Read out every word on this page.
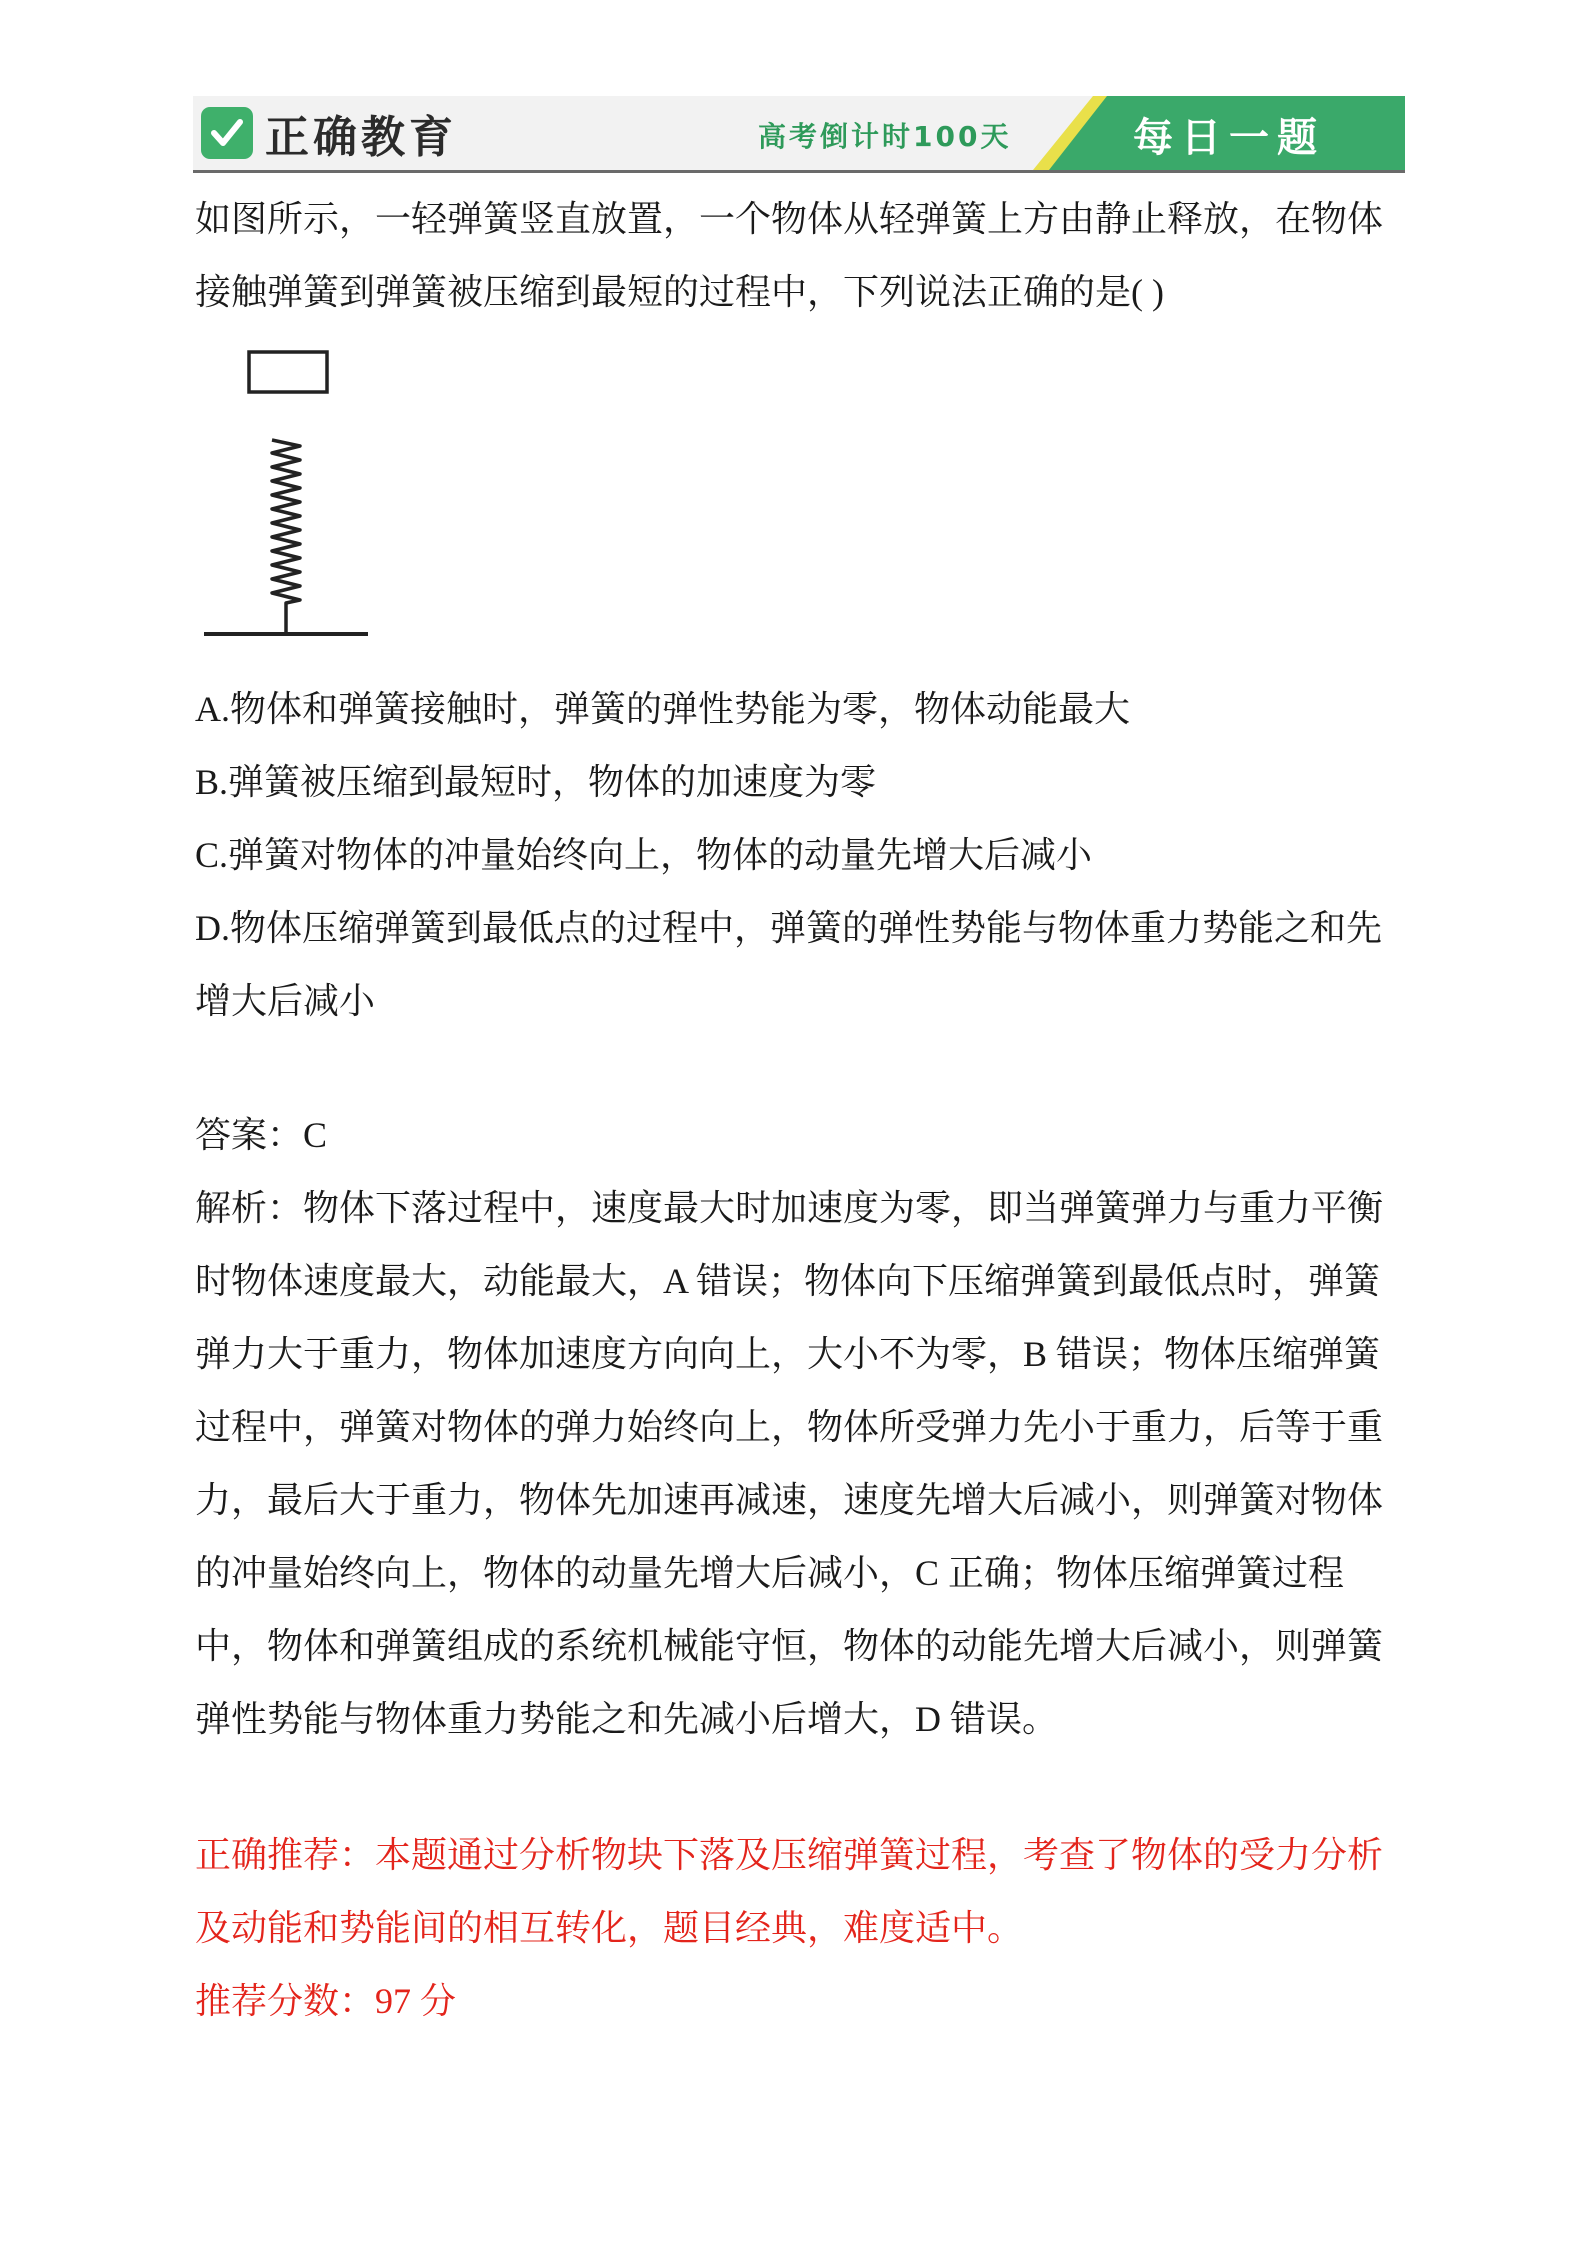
正确教育	高考倒计时100天	每日一题

如图所示，一轻弹簧竖直放置，一个物体从轻弹簧上方由静止释放，在物体接触弹簧到弹簧被压缩到最短的过程中，下列说法正确的是( )

A.物体和弹簧接触时，弹簧的弹性势能为零，物体动能最大

B.弹簧被压缩到最短时，物体的加速度为零

C.弹簧对物体的冲量始终向上，物体的动量先增大后减小

D.物体压缩弹簧到最低点的过程中，弹簧的弹性势能与物体重力势能之和先增大后减小

答案：C

解析：物体下落过程中，速度最大时加速度为零，即当弹簧弹力与重力平衡时物体速度最大，动能最大，A 错误；物体向下压缩弹簧到最低点时，弹簧弹力大于重力，物体加速度方向向上，大小不为零，B 错误；物体压缩弹簧过程中，弹簧对物体的弹力始终向上，物体所受弹力先小于重力，后等于重力，最后大于重力，物体先加速再减速，速度先增大后减小，则弹簧对物体的冲量始终向上，物体的动量先增大后减小，C 正确；物体压缩弹簧过程中，物体和弹簧组成的系统机械能守恒，物体的动能先增大后减小，则弹簧弹性势能与物体重力势能之和先减小后增大，D 错误。

正确推荐：本题通过分析物块下落及压缩弹簧过程，考查了物体的受力分析及动能和势能间的相互转化，题目经典，难度适中。

推荐分数：97 分
